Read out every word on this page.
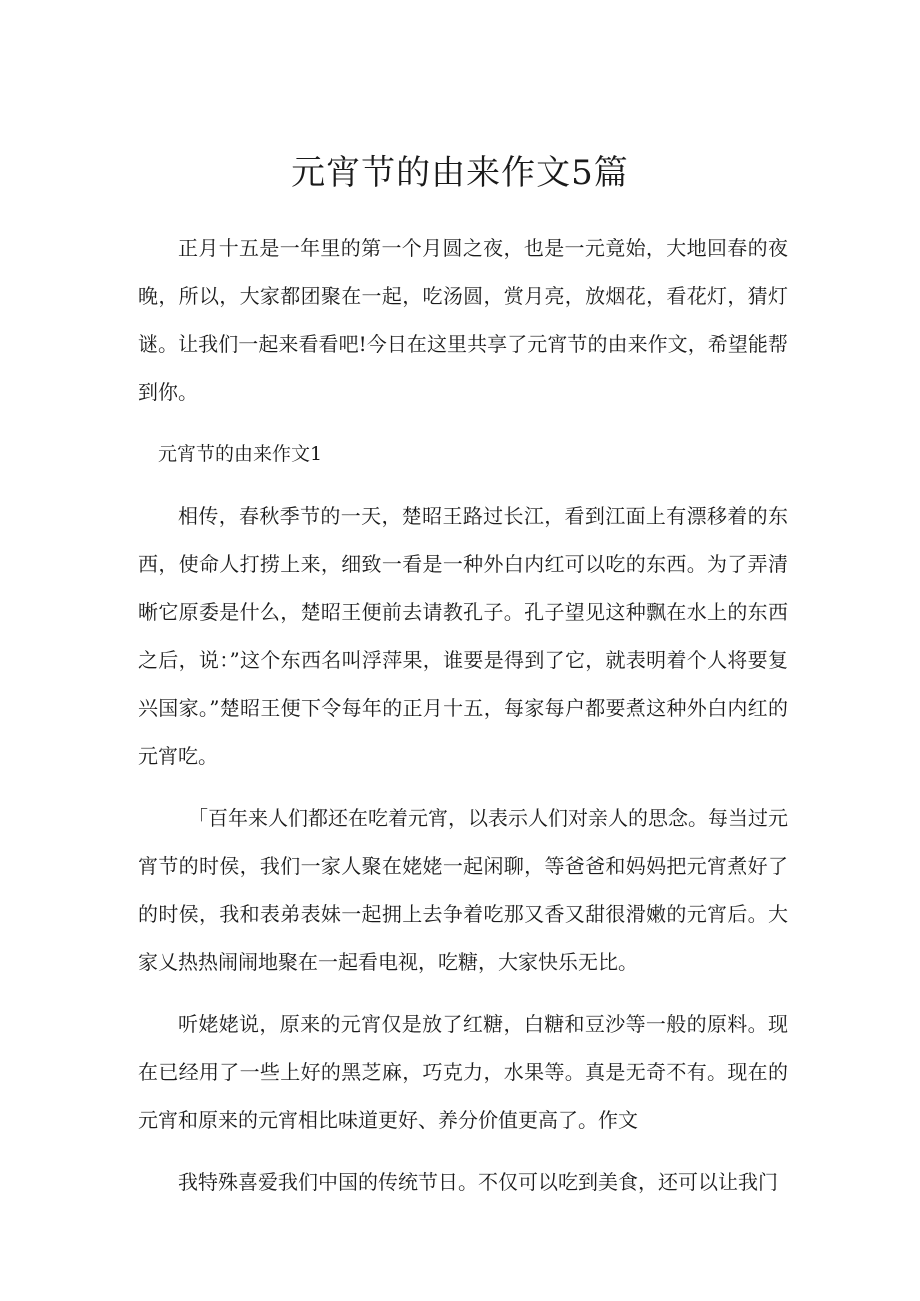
元宵节的由来作文5篇

正月十五是一年里的第一个月圆之夜，也是一元竟始，大地回春的夜晚，所以，大家都团聚在一起，吃汤圆，赏月亮，放烟花，看花灯，猜灯谜。让我们一起来看看吧!今日在这里共享了元宵节的由来作文，希望能帮到你。

元宵节的由来作文1

相传，春秋季节的一天，楚昭王路过长江，看到江面上有漂移着的东西，使命人打捞上来，细致一看是一种外白内红可以吃的东西。为了弄清晰它原委是什么，楚昭王便前去请教孔子。孔子望见这种飘在水上的东西之后，说：”这个东西名叫浮萍果，谁要是得到了它，就表明着个人将要复兴国家。”楚昭王便下令每年的正月十五，每家每户都要煮这种外白内红的元宵吃。

「百年来人们都还在吃着元宵，以表示人们对亲人的思念。每当过元宵节的时侯，我们一家人聚在姥姥一起闲聊，等爸爸和妈妈把元宵煮好了的时侯，我和表弟表妹一起拥上去争着吃那又香又甜很滑嫩的元宵后。大家乂热热闹闹地聚在一起看电视，吃糖，大家快乐无比。

听姥姥说，原来的元宵仅是放了红糖，白糖和豆沙等一般的原料。现在已经用了一些上好的黑芝麻，巧克力，水果等。真是无奇不有。现在的元宵和原来的元宵相比味道更好、养分价值更高了。作文

我特殊喜爱我们中国的传统节日。不仅可以吃到美食，还可以让我门
